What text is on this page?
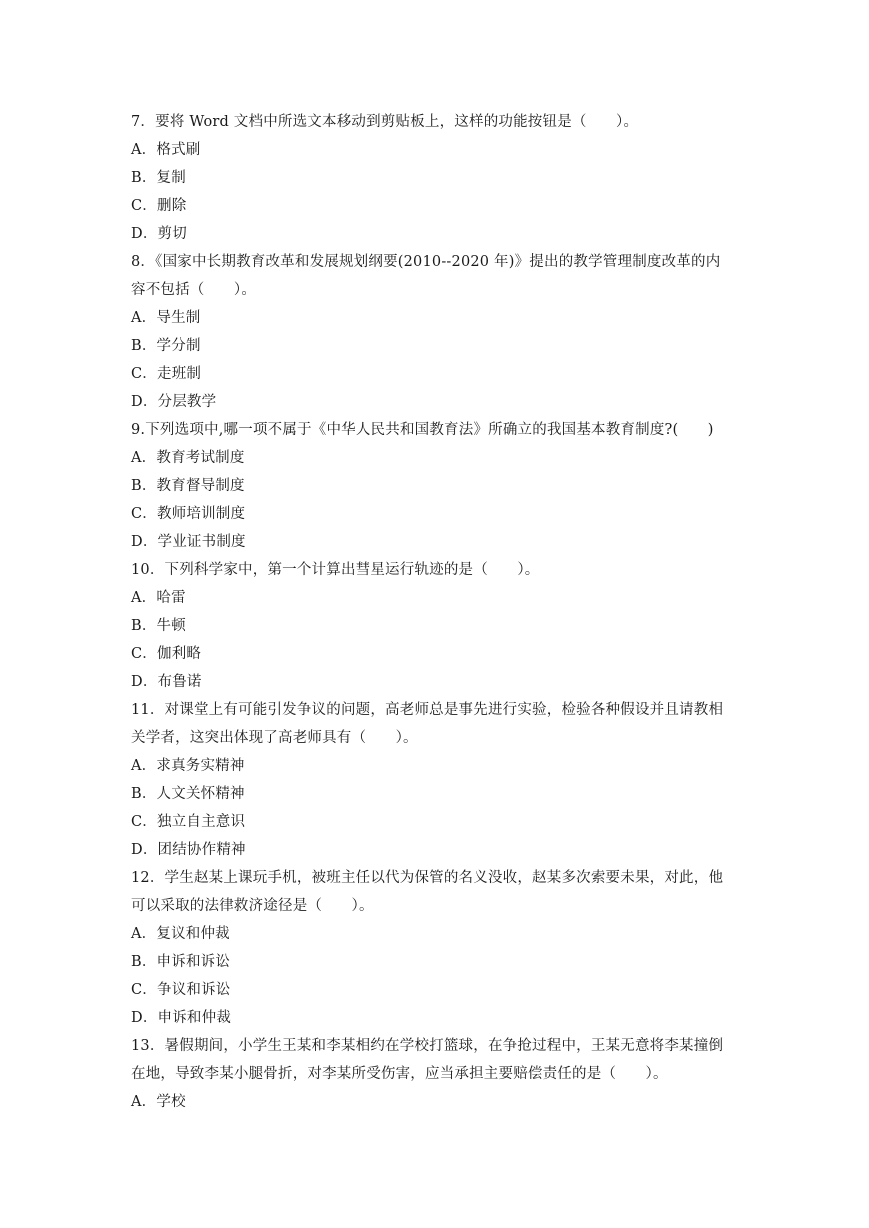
7．要将 Word 文档中所选文本移动到剪贴板上，这样的功能按钮是（　　）。
A．格式刷
B．复制
C．删除
D．剪切
8．《国家中长期教育改革和发展规划纲要(2010--2020 年)》提出的教学管理制度改革的内
容不包括（　　）。
A．导生制
B．学分制
C．走班制
D．分层教学
9.下列选项中,哪一项不属于《中华人民共和国教育法》所确立的我国基本教育制度?(　　)
A．教育考试制度
B．教育督导制度
C．教师培训制度
D．学业证书制度
10．下列科学家中，第一个计算出彗星运行轨迹的是（　　）。
A．哈雷
B．牛顿
C．伽利略
D．布鲁诺
11．对课堂上有可能引发争议的问题，高老师总是事先进行实验，检验各种假设并且请教相
关学者，这突出体现了高老师具有（　　）。
A．求真务实精神
B．人文关怀精神
C．独立自主意识
D．团结协作精神
12．学生赵某上课玩手机，被班主任以代为保管的名义没收，赵某多次索要未果，对此，他
可以采取的法律救济途径是（　　）。
A．复议和仲裁
B．申诉和诉讼
C．争议和诉讼
D．申诉和仲裁
13．暑假期间，小学生王某和李某相约在学校打篮球，在争抢过程中，王某无意将李某撞倒
在地，导致李某小腿骨折，对李某所受伤害，应当承担主要赔偿责任的是（　　）。
A．学校
